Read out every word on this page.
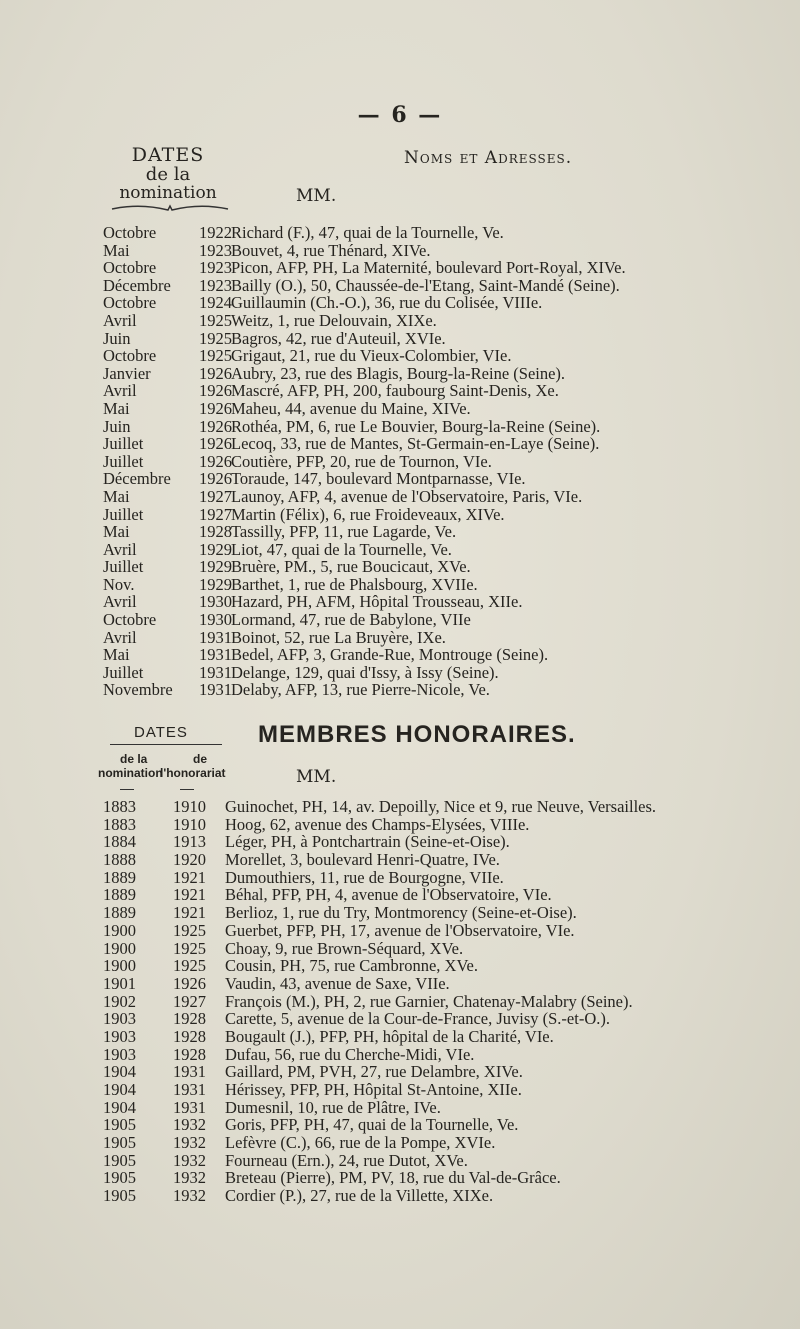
— 6 —
DATES
de la
nomination
Noms et Adresses.
MM.
Octobre	1922 Richard (F.), 47, quai de la Tournelle, Ve.
Mai	1923 Bouvet, 4, rue Thénard, XIVe.
Octobre	1923 Picon, AFP, PH, La Maternité, boulevard Port-Royal, XIVe.
Décembre	1923 Bailly (O.), 50, Chaussée-de-l'Etang, Saint-Mandé (Seine).
Octobre	1924 Guillaumin (Ch.-O.), 36, rue du Colisée, VIIIe.
Avril	1925 Weitz, 1, rue Delouvain, XIXe.
Juin	1925 Bagros, 42, rue d'Auteuil, XVIe.
Octobre	1925 Grigaut, 21, rue du Vieux-Colombier, VIe.
Janvier	1926 Aubry, 23, rue des Blagis, Bourg-la-Reine (Seine).
Avril	1926 Mascré, AFP, PH, 200, faubourg Saint-Denis, Xe.
Mai	1926 Maheu, 44, avenue du Maine, XIVe.
Juin	1926 Rothéa, PM, 6, rue Le Bouvier, Bourg-la-Reine (Seine).
Juillet	1926 Lecoq, 33, rue de Mantes, St-Germain-en-Laye (Seine).
Juillet	1926 Coutière, PFP, 20, rue de Tournon, VIe.
Décembre	1926 Toraude, 147, boulevard Montparnasse, VIe.
Mai	1927 Launoy, AFP, 4, avenue de l'Observatoire, Paris, VIe.
Juillet	1927 Martin (Félix), 6, rue Froideveaux, XIVe.
Mai	1928 Tassilly, PFP, 11, rue Lagarde, Ve.
Avril	1929 Liot, 47, quai de la Tournelle, Ve.
Juillet	1929 Bruère, PM., 5, rue Boucicaut, XVe.
Nov.	1929 Barthet, 1, rue de Phalsbourg, XVIIe.
Avril	1930 Hazard, PH, AFM, Hôpital Trousseau, XIIe.
Octobre	1930 Lormand, 47, rue de Babylone, VIIe
Avril	1931 Boinot, 52, rue La Bruyère, IXe.
Mai	1931 Bedel, AFP, 3, Grande-Rue, Montrouge (Seine).
Juillet	1931 Delange, 129, quai d'Issy, à Issy (Seine).
Novembre	1931 Delaby, AFP, 13, rue Pierre-Nicole, Ve.
DATES	MEMBRES HONORAIRES.
de la	de
nomination
l'honorariat	MM.
1883 1910 Guinochet, PH, 14, av. Depoilly, Nice et 9, rue Neuve, Versailles.
1883 1910 Hoog, 62, avenue des Champs-Elysées, VIIIe.
1884 1913 Léger, PH, à Pontchartrain (Seine-et-Oise).
1888 1920 Morellet, 3, boulevard Henri-Quatre, IVe.
1889 1921 Dumouthiers, 11, rue de Bourgogne, VIIe.
1889 1921 Béhal, PFP, PH, 4, avenue de l'Observatoire, VIe.
1889 1921 Berlioz, 1, rue du Try, Montmorency (Seine-et-Oise).
1900 1925 Guerbet, PFP, PH, 17, avenue de l'Observatoire, VIe.
1900 1925 Choay, 9, rue Brown-Séquard, XVe.
1900 1925 Cousin, PH, 75, rue Cambronne, XVe.
1901 1926 Vaudin, 43, avenue de Saxe, VIIe.
1902 1927 François (M.), PH, 2, rue Garnier, Chatenay-Malabry (Seine).
1903 1928 Carette, 5, avenue de la Cour-de-France, Juvisy (S.-et-O.).
1903 1928 Bougault (J.), PFP, PH, hôpital de la Charité, VIe.
1903 1928 Dufau, 56, rue du Cherche-Midi, VIe.
1904 1931 Gaillard, PM, PVH, 27, rue Delambre, XIVe.
1904 1931 Hérissey, PFP, PH, Hôpital St-Antoine, XIIe.
1904 1931 Dumesnil, 10, rue de Plâtre, IVe.
1905 1932 Goris, PFP, PH, 47, quai de la Tournelle, Ve.
1905 1932 Lefèvre (C.), 66, rue de la Pompe, XVIe.
1905 1932 Fourneau (Ern.), 24, rue Dutot, XVe.
1905 1932 Breteau (Pierre), PM, PV, 18, rue du Val-de-Grâce.
1905 1932 Cordier (P.), 27, rue de la Villette, XIXe.
